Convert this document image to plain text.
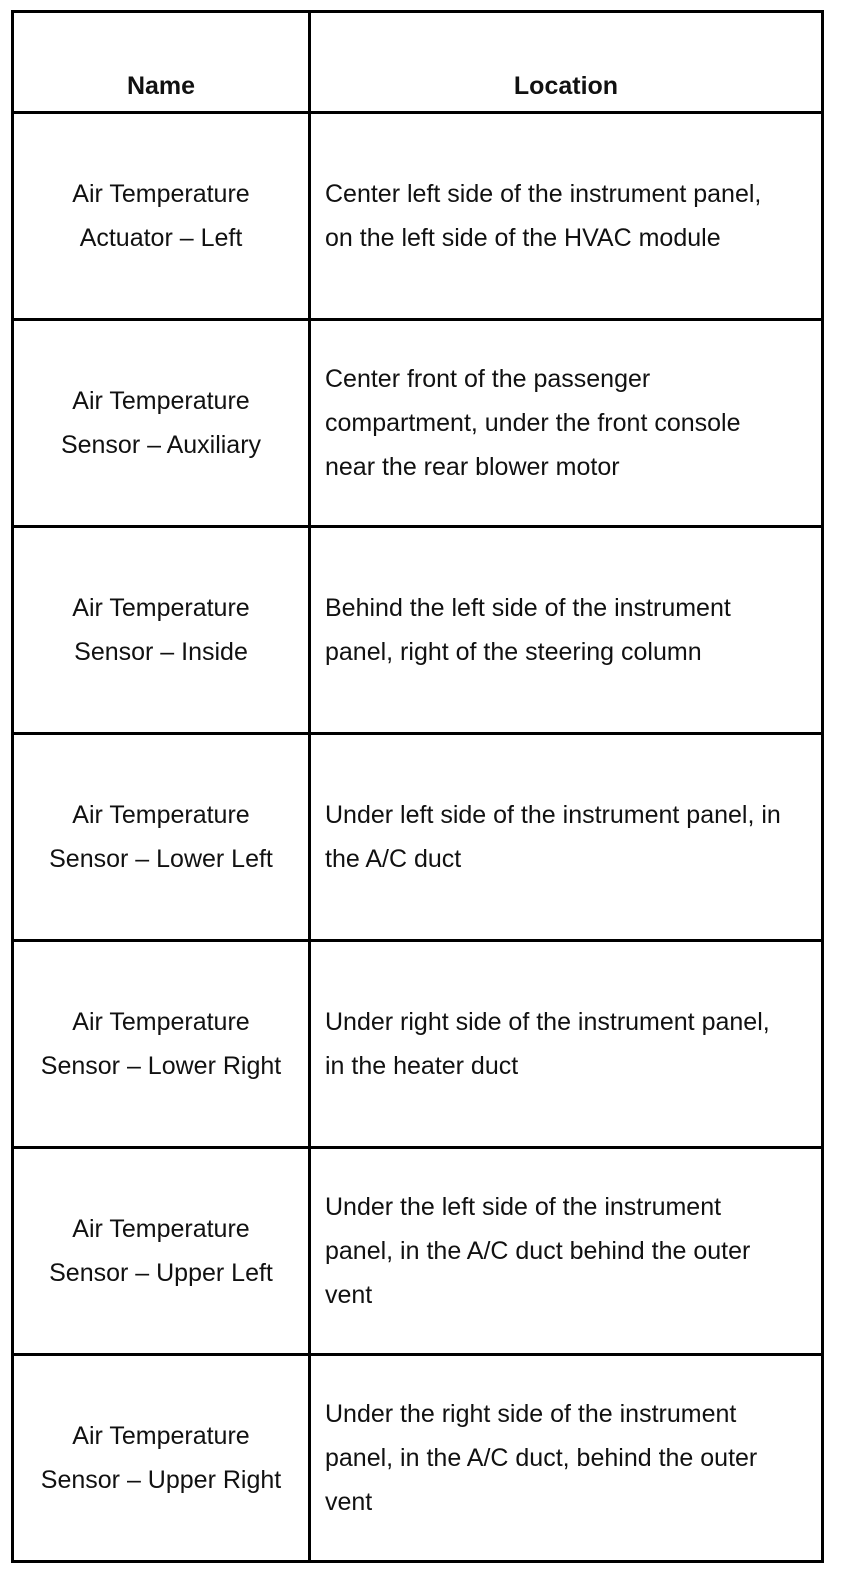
Name	Location

Air Temperature Actuator – Left	Center left side of the instrument panel, on the left side of the HVAC module

Air Temperature Sensor – Auxiliary	Center front of the passenger compartment, under the front console near the rear blower motor

Air Temperature Sensor – Inside	Behind the left side of the instrument panel, right of the steering column

Air Temperature Sensor – Lower Left	Under left side of the instrument panel, in the A/C duct

Air Temperature Sensor – Lower Right	Under right side of the instrument panel, in the heater duct

Air Temperature Sensor – Upper Left	Under the left side of the instrument panel, in the A/C duct behind the outer vent

Air Temperature Sensor – Upper Right	Under the right side of the instrument panel, in the A/C duct, behind the outer vent
